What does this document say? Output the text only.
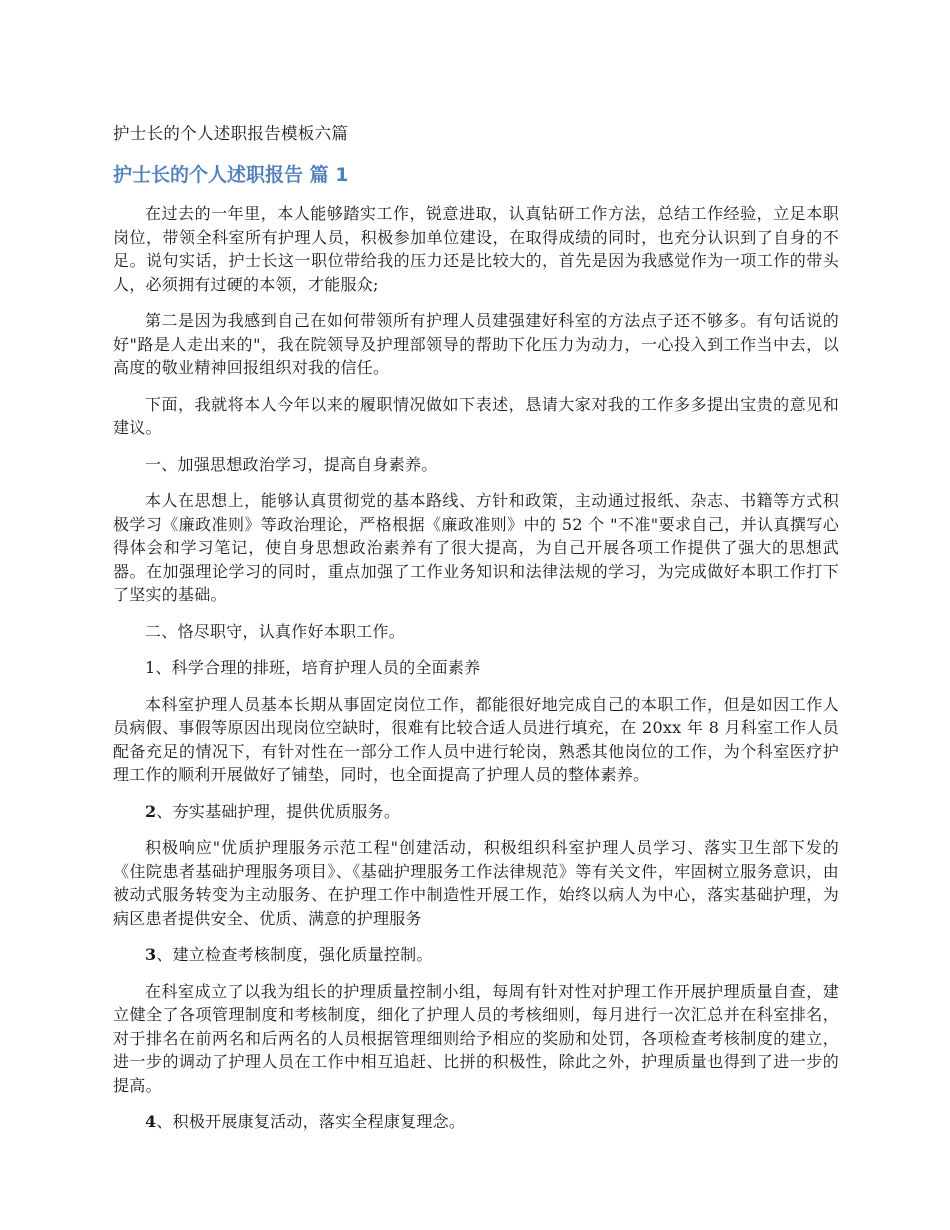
护士长的个人述职报告模板六篇
护士长的个人述职报告 篇 1

在过去的一年里，本人能够踏实工作，锐意进取，认真钻研工作方法，总结工作经验，立足本职岗位，带领全科室所有护理人员，积极参加单位建设，在取得成绩的同时，也充分认识到了自身的不足。说句实话，护士长这一职位带给我的压力还是比较大的，首先是因为我感觉作为一项工作的带头人，必须拥有过硬的本领，才能服众;

第二是因为我感到自己在如何带领所有护理人员建强建好科室的方法点子还不够多。有句话说的好"路是人走出来的"，我在院领导及护理部领导的帮助下化压力为动力，一心投入到工作当中去，以高度的敬业精神回报组织对我的信任。

下面，我就将本人今年以来的履职情况做如下表述，恳请大家对我的工作多多提出宝贵的意见和建议。

一、加强思想政治学习，提高自身素养。

本人在思想上，能够认真贯彻党的基本路线、方针和政策，主动通过报纸、杂志、书籍等方式积极学习《廉政准则》等政治理论，严格根据《廉政准则》中的 52 个 "不准"要求自己，并认真撰写心得体会和学习笔记，使自身思想政治素养有了很大提高，为自己开展各项工作提供了强大的思想武器。在加强理论学习的同时，重点加强了工作业务知识和法律法规的学习，为完成做好本职工作打下了坚实的基础。

二、恪尽职守，认真作好本职工作。

1、科学合理的排班，培育护理人员的全面素养

本科室护理人员基本长期从事固定岗位工作，都能很好地完成自己的本职工作，但是如因工作人员病假、事假等原因出现岗位空缺时，很难有比较合适人员进行填充，在 20xx 年 8 月科室工作人员配备充足的情况下，有针对性在一部分工作人员中进行轮岗，熟悉其他岗位的工作，为个科室医疗护理工作的顺利开展做好了铺垫，同时，也全面提高了护理人员的整体素养。

2、夯实基础护理，提供优质服务。

积极响应"优质护理服务示范工程"创建活动，积极组织科室护理人员学习、落实卫生部下发的《住院患者基础护理服务项目》、《基础护理服务工作法律规范》等有关文件，牢固树立服务意识，由被动式服务转变为主动服务、在护理工作中制造性开展工作，始终以病人为中心，落实基础护理，为病区患者提供安全、优质、满意的护理服务

3、建立检查考核制度，强化质量控制。

在科室成立了以我为组长的护理质量控制小组，每周有针对性对护理工作开展护理质量自查，建立健全了各项管理制度和考核制度，细化了护理人员的考核细则，每月进行一次汇总并在科室排名，对于排名在前两名和后两名的人员根据管理细则给予相应的奖励和处罚，各项检查考核制度的建立，进一步的调动了护理人员在工作中相互追赶、比拼的积极性，除此之外，护理质量也得到了进一步的提高。

4、积极开展康复活动，落实全程康复理念。
